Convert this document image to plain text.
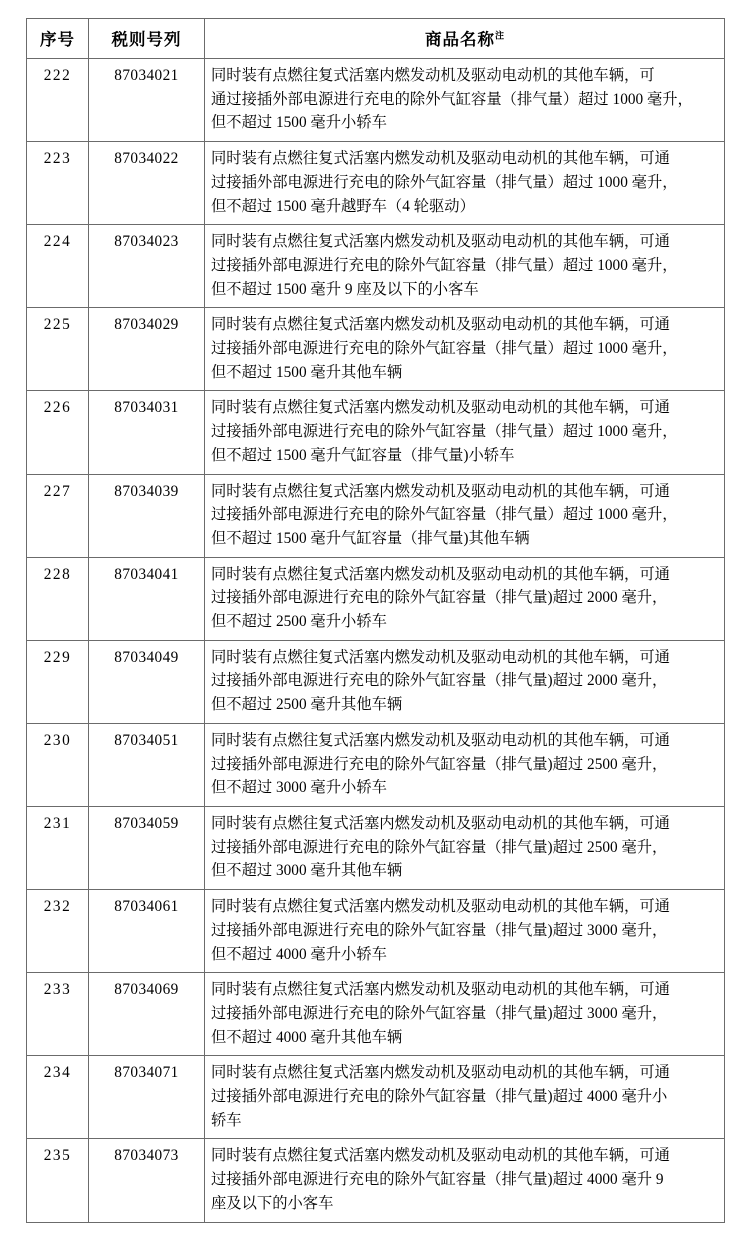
序号	税则号列	商品名称$^注$
222	87034021	同时装有点燃往复式活塞内燃发动机及驱动电动机的其他车辆，可
通过接插外部电源进行充电的除外气缸容量（排气量）超过 1000 毫升，
但不超过 1500 毫升小轿车

223	87034022	同时装有点燃往复式活塞内燃发动机及驱动电动机的其他车辆，可通
过接插外部电源进行充电的除外气缸容量（排气量）超过 1000 毫升，
但不超过 1500 毫升越野车（4 轮驱动）

224	87034023	同时装有点燃往复式活塞内燃发动机及驱动电动机的其他车辆，可通
过接插外部电源进行充电的除外气缸容量（排气量）超过 1000 毫升，
但不超过 1500 毫升 9 座及以下的小客车

225	87034029	同时装有点燃往复式活塞内燃发动机及驱动电动机的其他车辆，可通
过接插外部电源进行充电的除外气缸容量（排气量）超过 1000 毫升，
但不超过 1500 毫升其他车辆

226	87034031	同时装有点燃往复式活塞内燃发动机及驱动电动机的其他车辆，可通
过接插外部电源进行充电的除外气缸容量（排气量）超过 1000 毫升，
但不超过 1500 毫升气缸容量（排气量)小轿车

227	87034039	同时装有点燃往复式活塞内燃发动机及驱动电动机的其他车辆，可通
过接插外部电源进行充电的除外气缸容量（排气量）超过 1000 毫升，
但不超过 1500 毫升气缸容量（排气量)其他车辆

228	87034041	同时装有点燃往复式活塞内燃发动机及驱动电动机的其他车辆，可通
过接插外部电源进行充电的除外气缸容量（排气量)超过 2000 毫升，
但不超过 2500 毫升小轿车

229	87034049	同时装有点燃往复式活塞内燃发动机及驱动电动机的其他车辆，可通
过接插外部电源进行充电的除外气缸容量（排气量)超过 2000 毫升，
但不超过 2500 毫升其他车辆

230	87034051	同时装有点燃往复式活塞内燃发动机及驱动电动机的其他车辆，可通
过接插外部电源进行充电的除外气缸容量（排气量)超过 2500 毫升，
但不超过 3000 毫升小轿车

231	87034059	同时装有点燃往复式活塞内燃发动机及驱动电动机的其他车辆，可通
过接插外部电源进行充电的除外气缸容量（排气量)超过 2500 毫升，
但不超过 3000 毫升其他车辆

232	87034061	同时装有点燃往复式活塞内燃发动机及驱动电动机的其他车辆，可通
过接插外部电源进行充电的除外气缸容量（排气量)超过 3000 毫升，
但不超过 4000 毫升小轿车

233	87034069	同时装有点燃往复式活塞内燃发动机及驱动电动机的其他车辆，可通
过接插外部电源进行充电的除外气缸容量（排气量)超过 3000 毫升，
但不超过 4000 毫升其他车辆

234	87034071	同时装有点燃往复式活塞内燃发动机及驱动电动机的其他车辆，可通
过接插外部电源进行充电的除外气缸容量（排气量)超过 4000 毫升小
轿车

235	87034073	同时装有点燃往复式活塞内燃发动机及驱动电动机的其他车辆，可通
过接插外部电源进行充电的除外气缸容量（排气量)超过 4000 毫升 9
座及以下的小客车
